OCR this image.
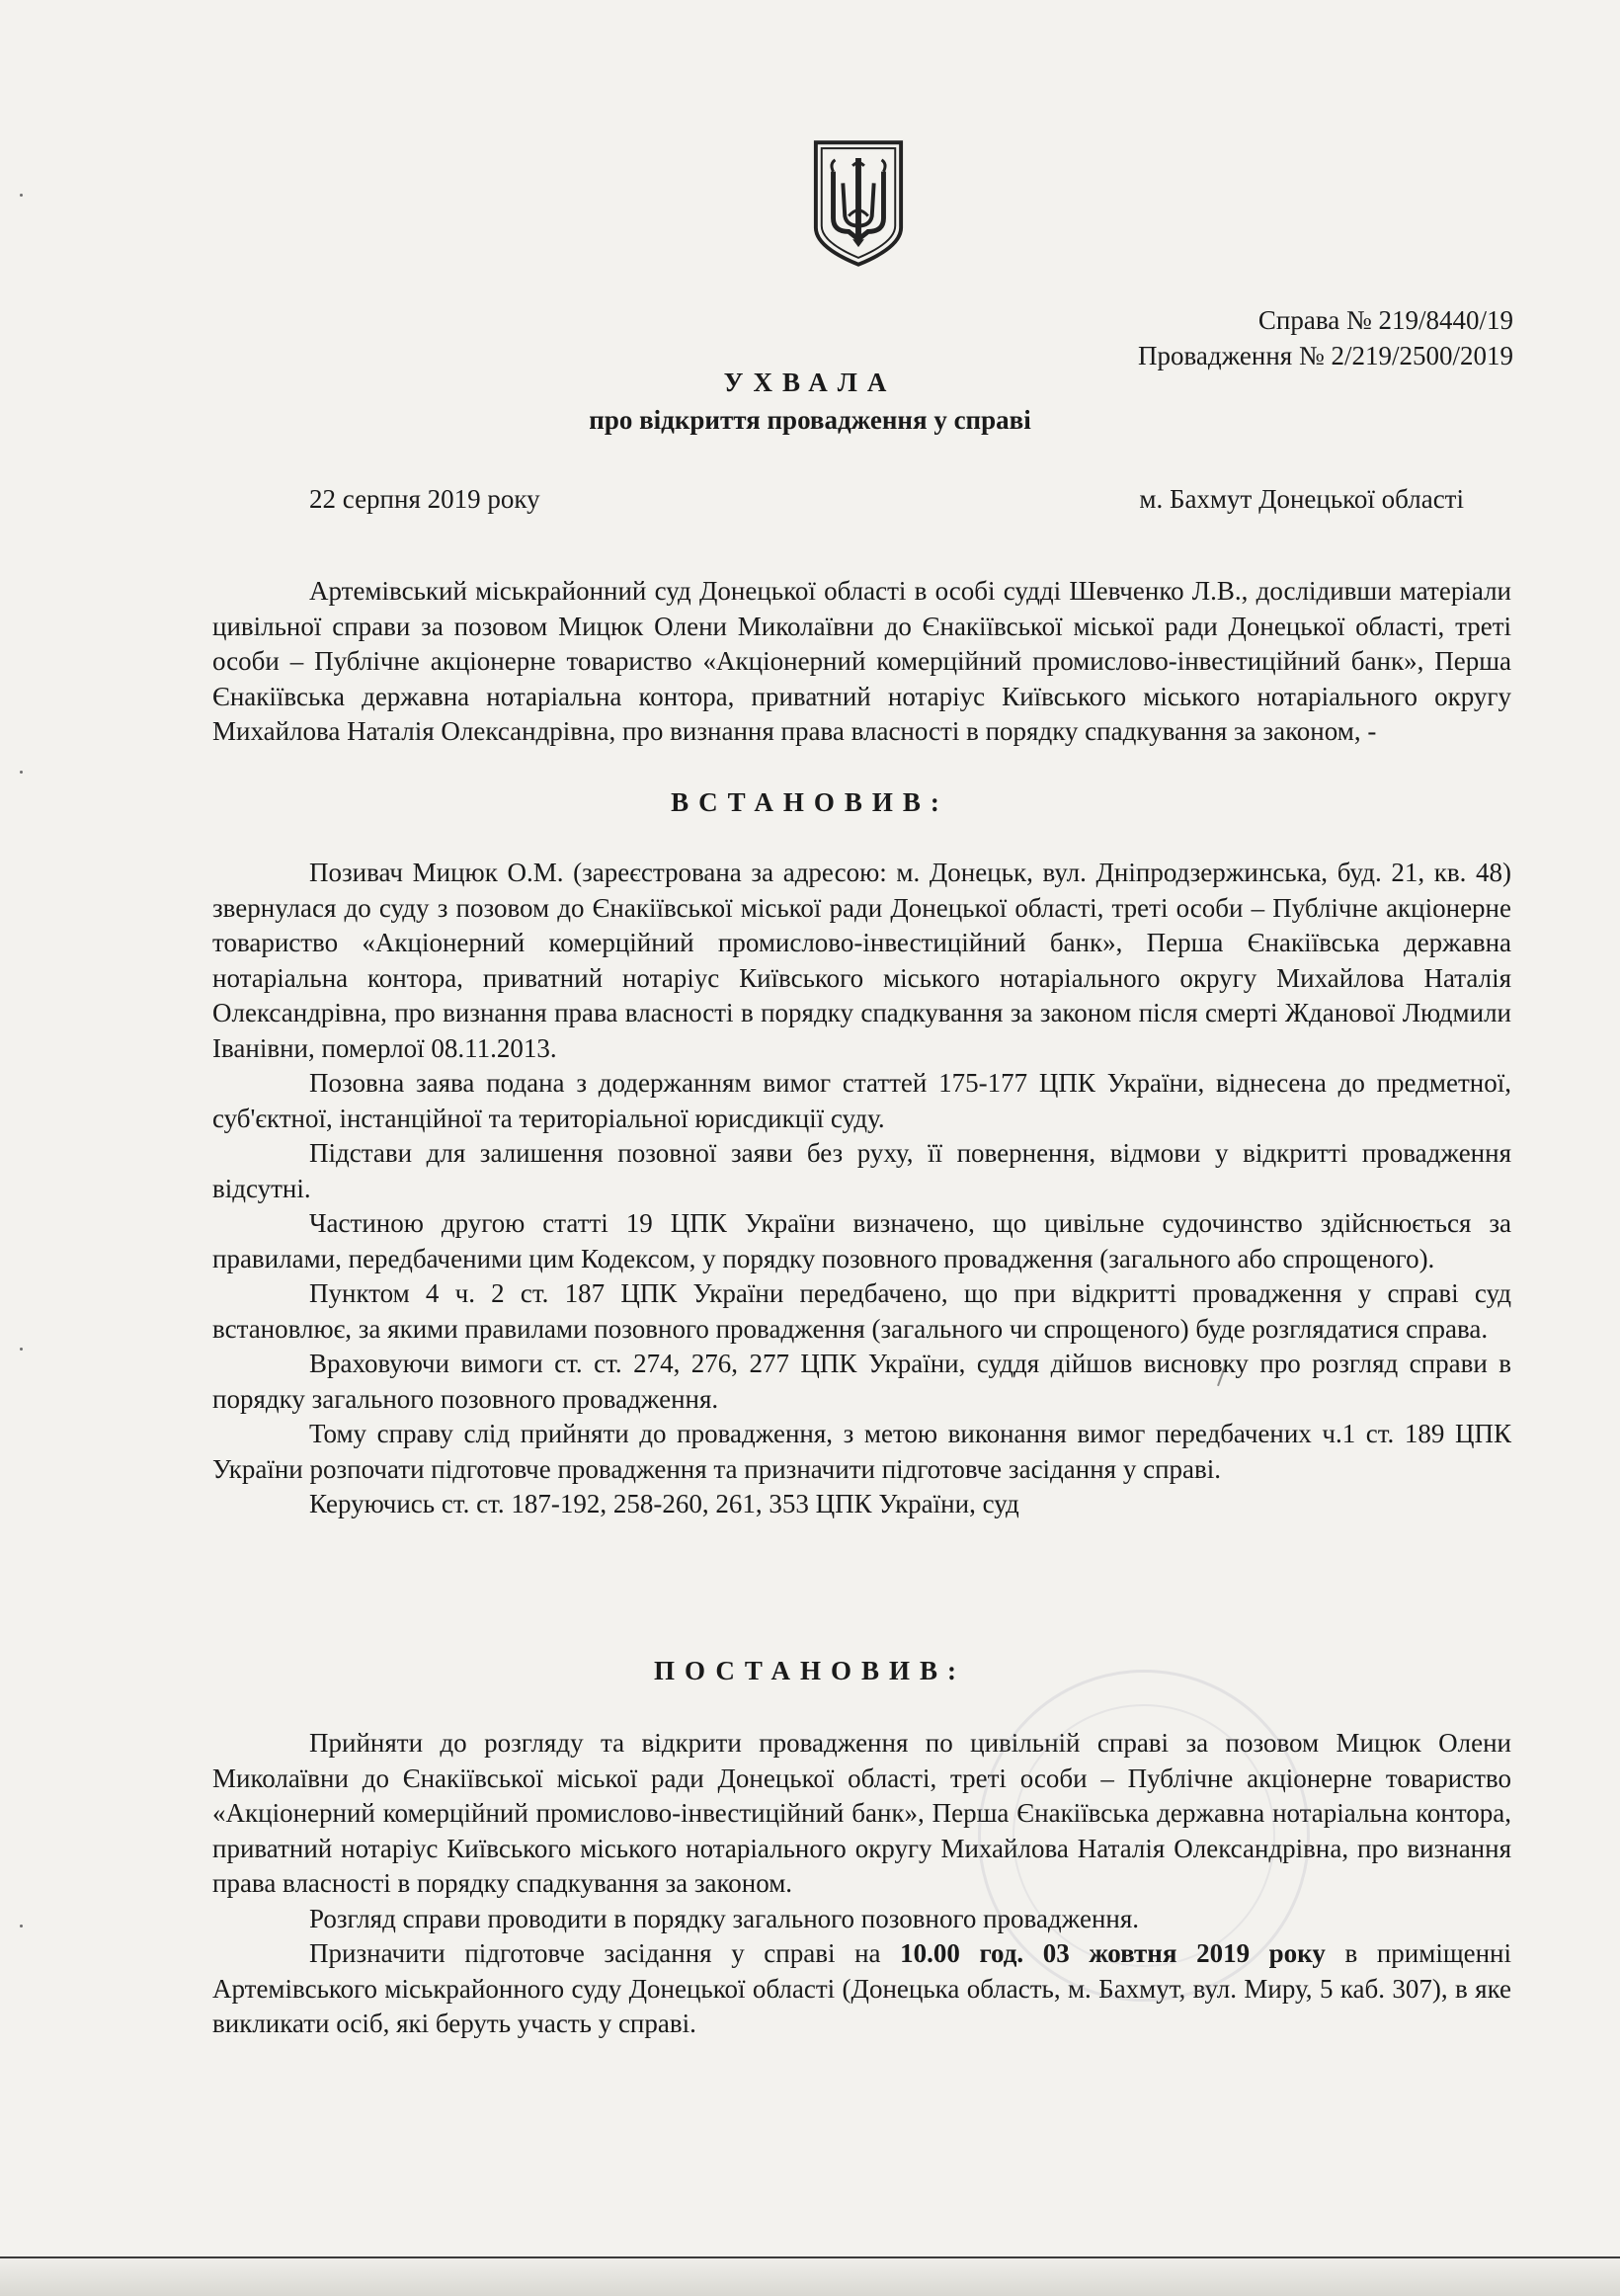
Справа № 219/8440/19
Провадження № 2/219/2500/2019
УХВАЛА
про відкриття провадження у справі
22 серпня 2019 року	м. Бахмут Донецької області

Артемівський міськрайонний суд Донецької області в особі судді Шевченко Л.В., дослідивши матеріали цивільної справи за позовом Мицюк Олени Миколаївни до Єнакіївської міської ради Донецької області, треті особи – Публічне акціонерне товариство «Акціонерний комерційний промислово-інвестиційний банк», Перша Єнакіївська державна нотаріальна контора, приватний нотаріус Київського міського нотаріального округу Михайлова Наталія Олександрівна, про визнання права власності в порядку спадкування за законом, -

ВСТАНОВИВ:

Позивач Мицюк О.М. (зареєстрована за адресою: м. Донецьк, вул. Дніпродзержинська, буд. 21, кв. 48) звернулася до суду з позовом до Єнакіївської міської ради Донецької області, треті особи – Публічне акціонерне товариство «Акціонерний комерційний промислово-інвестиційний банк», Перша Єнакіївська державна нотаріальна контора, приватний нотаріус Київського міського нотаріального округу Михайлова Наталія Олександрівна, про визнання права власності в порядку спадкування за законом після смерті Жданової Людмили Іванівни, померлої 08.11.2013.

Позовна заява подана з додержанням вимог статтей 175-177 ЦПК України, віднесена до предметної, суб'єктної, інстанційної та територіальної юрисдикції суду.

Підстави для залишення позовної заяви без руху, її повернення, відмови у відкритті провадження відсутні.

Частиною другою статті 19 ЦПК України визначено, що цивільне судочинство здійснюється за правилами, передбаченими цим Кодексом, у порядку позовного провадження (загального або спрощеного).

Пунктом 4 ч. 2 ст. 187 ЦПК України передбачено, що при відкритті провадження у справі суд встановлює, за якими правилами позовного провадження (загального чи спрощеного) буде розглядатися справа.

Враховуючи вимоги ст. ст. 274, 276, 277 ЦПК України, суддя дійшов висновку про розгляд справи в порядку загального позовного провадження.

Тому справу слід прийняти до провадження, з метою виконання вимог передбачених ч.1 ст. 189 ЦПК України розпочати підготовче провадження та призначити підготовче засідання у справі.

Керуючись ст. ст. 187-192, 258-260, 261, 353 ЦПК України, суд

ПОСТАНОВИВ:

Прийняти до розгляду та відкрити провадження по цивільній справі за позовом Мицюк Олени Миколаївни до Єнакіївської міської ради Донецької області, треті особи – Публічне акціонерне товариство «Акціонерний комерційний промислово-інвестиційний банк», Перша Єнакіївська державна нотаріальна контора, приватний нотаріус Київського міського нотаріального округу Михайлова Наталія Олександрівна, про визнання права власності в порядку спадкування за законом.

Розгляд справи проводити в порядку загального позовного провадження.

Призначити підготовче засідання у справі на 10.00 год. 03 жовтня 2019 року в приміщенні Артемівського міськрайонного суду Донецької області (Донецька область, м. Бахмут, вул. Миру, 5 каб. 307), в яке викликати осіб, які беруть участь у справі.
